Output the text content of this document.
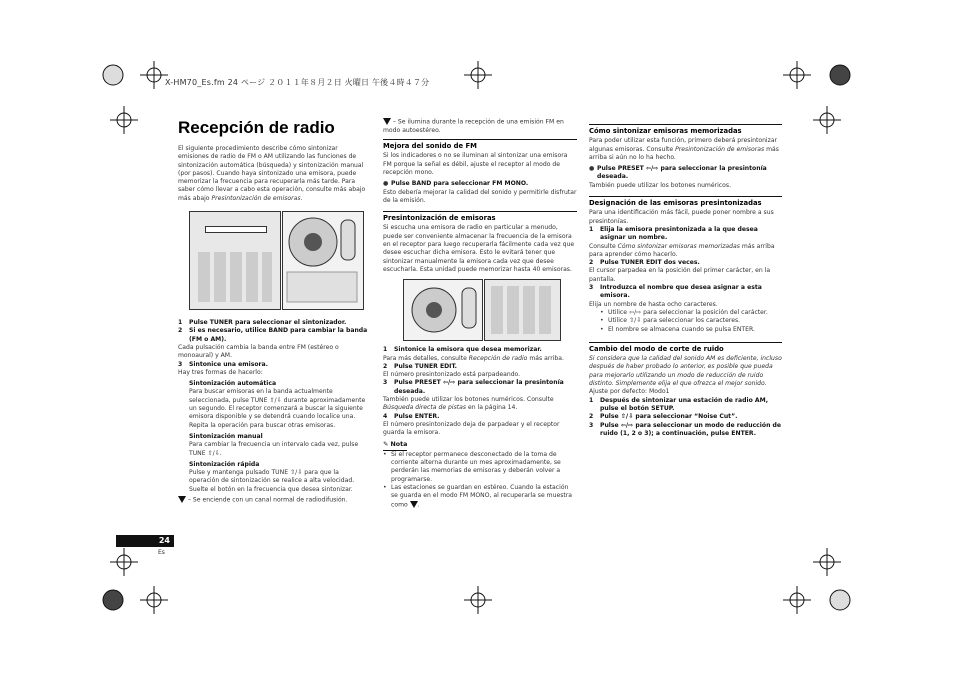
X-HM70_Es.fm 24 ページ ２０１１年８月２日 火曜日 午後４時４７分
Recepción de radio

El siguiente procedimiento describe cómo sintonizar emisiones de radio de FM o AM utilizando las funciones de sintonización automática (búsqueda) y sintonización manual (por pasos). Cuando haya sintonizado una emisora, puede memorizar la frecuencia para recuperarla más tarde. Para saber cómo llevar a cabo esta operación, consulte más abajo más abajo Presintonización de emisoras.

1	Pulse TUNER para seleccionar el sintonizador.
2	Si es necesario, utilice BAND para cambiar la banda (FM o AM).

Cada pulsación cambia la banda entre FM (estéreo o monoaural) y AM.

3	Sintonice una emisora.

Hay tres formas de hacerlo:

Sintonización automática

Para buscar emisoras en la banda actualmente seleccionada, pulse TUNE ⇧/⇩ durante aproximadamente un segundo. El receptor comenzará a buscar la siguiente emisora disponible y se detendrá cuando localice una. Repita la operación para buscar otras emisoras.

Sintonización manual

Para cambiar la frecuencia un intervalo cada vez, pulse TUNE ⇧/⇩.

Sintonización rápida

Pulse y mantenga pulsado TUNE ⇧/⇩ para que la operación de sintonización se realice a alta velocidad. Suelte el botón en la frecuencia que desea sintonizar.

– Se enciende con un canal normal de radiodifusión.

– Se ilumina durante la recepción de una emisión FM en modo autoestéreo.

Mejora del sonido de FM

Si los indicadores o no se iluminan al sintonizar una emisora FM porque la señal es débil, ajuste el receptor al modo de recepción mono.

● Pulse BAND para seleccionar FM MONO.

Esto debería mejorar la calidad del sonido y permitirle disfrutar de la emisión.

Presintonización de emisoras

Si escucha una emisora de radio en particular a menudo, puede ser conveniente almacenar la frecuencia de la emisora en el receptor para luego recuperarla fácilmente cada vez que desee escuchar dicha emisora. Esto le evitará tener que sintonizar manualmente la emisora cada vez que desee escucharla. Esta unidad puede memorizar hasta 40 emisoras.

1	Sintonice la emisora que desea memorizar.

Para más detalles, consulte Recepción de radio más arriba.

2	Pulse TUNER EDIT.

El número presintonizado está parpadeando.

3	Pulse PRESET ⇦/⇨ para seleccionar la presintonía deseada.

También puede utilizar los botones numéricos. Consulte Búsqueda directa de pistas en la página 14.

4	Pulse ENTER.

El número presintonizado deja de parpadear y el receptor guarda la emisora.

✎ Nota
• Si el receptor permanece desconectado de la toma de corriente alterna durante un mes aproximadamente, se perderán las memorias de emisoras y deberán volver a programarse.
• Las estaciones se guardan en estéreo. Cuando la estación se guarda en el modo FM MONO, al recuperarla se muestra como .
Cómo sintonizar emisoras memorizadas

Para poder utilizar esta función, primero deberá presintonizar algunas emisoras. Consulte Presintonización de emisoras más arriba si aún no lo ha hecho.

● Pulse PRESET ⇦/⇨ para seleccionar la presintonía deseada.

También puede utilizar los botones numéricos.

Designación de las emisoras presintonizadas

Para una identificación más fácil, puede poner nombre a sus presintonías.

1	Elija la emisora presintonizada a la que desea asignar un nombre.

Consulte Cómo sintonizar emisoras memorizadas más arriba para aprender cómo hacerlo.

2	Pulse TUNER EDIT dos veces.

El cursor parpadea en la posición del primer carácter, en la pantalla.

3	Introduzca el nombre que desea asignar a esta emisora.

Elija un nombre de hasta ocho caracteres.

• Utilice ⇦/⇨ para seleccionar la posición del carácter.
• Utilice ⇧/⇩ para seleccionar los caracteres.
• El nombre se almacena cuando se pulsa ENTER.
Cambio del modo de corte de ruido

Si considera que la calidad del sonido AM es deficiente, incluso después de haber probado lo anterior, es posible que pueda para mejorarlo utilizando un modo de reducción de ruido distinto. Simplemente elija el que ofrezca el mejor sonido.

Ajuste por defecto: Modo1

1	Después de sintonizar una estación de radio AM, pulse el botón SETUP.
2	Pulse ⇧/⇩ para seleccionar “Noise Cut”.
3	Pulse ⇦/⇨ para seleccionar un modo de reducción de ruido (1, 2 o 3); a continuación, pulse ENTER.
24
Es
